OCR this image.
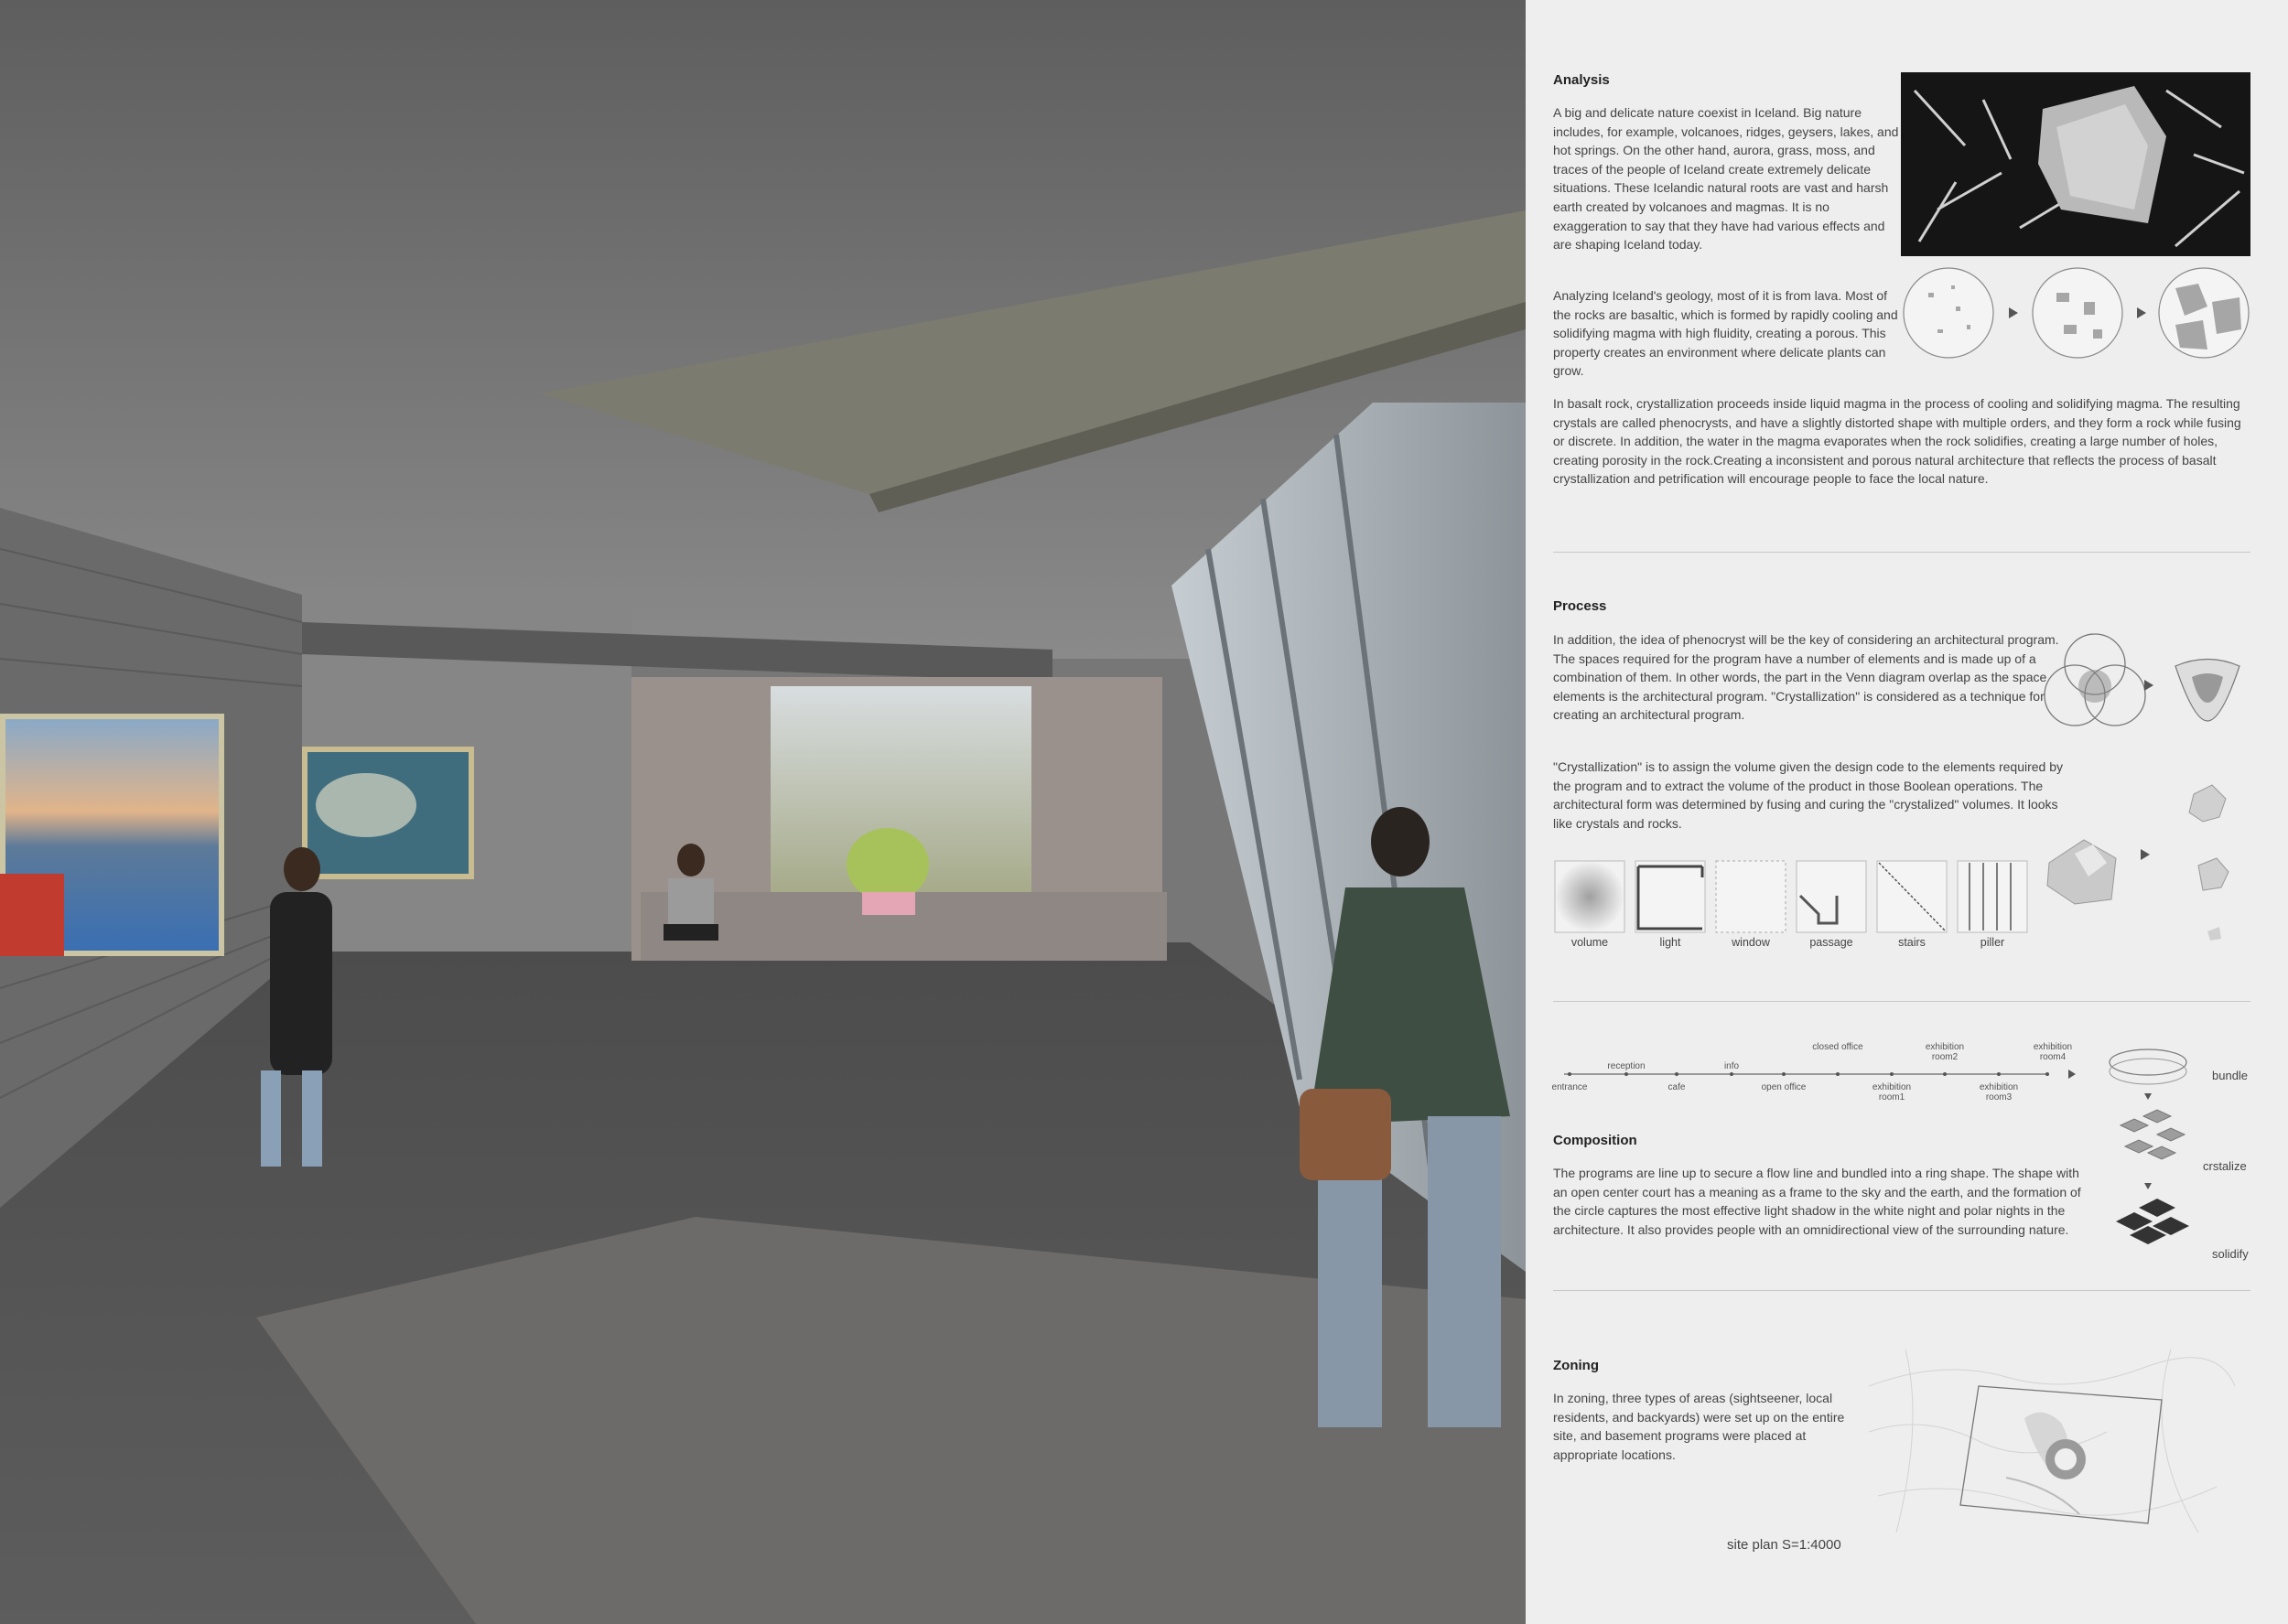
Analysis

A big and delicate nature coexist in Iceland. Big nature includes, for example, volcanoes, ridges, geysers, lakes, and hot springs. On the other hand, aurora, grass, moss, and traces of the people of Iceland create extremely delicate situations. These Icelandic natural roots are vast and harsh earth created by volcanoes and magmas. It is no exaggeration to say that they have had various effects and are shaping Iceland today.

Analyzing Iceland's geology, most of it is from lava. Most of the rocks are basaltic, which is formed by rapidly cooling and solidifying magma with high fluidity, creating a porous. This property creates an environment where delicate plants can grow.

In basalt rock, crystallization proceeds inside liquid magma in the process of cooling and solidifying magma. The resulting crystals are called phenocrysts, and have a slightly distorted shape with multiple orders, and they form a rock while fusing or discrete. In addition, the water in the magma evaporates when the rock solidifies, creating a large number of holes, creating porosity in the rock.Creating a inconsistent and porous natural architecture that reflects the process of basalt crystallization and petrification will encourage people to face the local nature.

Process

In addition, the idea of phenocryst will be the key of considering an architectural program. The spaces required for the program have a number of elements and is made up of a combination of them. In other words, the part in the Venn diagram overlap as the space elements is the architectural program. "Crystallization" is considered as a technique for creating an architectural program.

"Crystallization" is to assign the volume given the design code to the elements required by the program and to extract the volume of the product in those Boolean operations. The architectural form was determined by fusing and curing the "crystalized" volumes. It looks like crystals and rocks.

volume	light	window	passage	stairs	piller
reception	info
closed office	exhibition room2
exhibition room4
entrance	cafe	open office	exhibition room1
exhibition room3
bundle
crstalize
solidify
Composition

The programs are line up to secure a flow line and bundled into a ring shape. The shape with an open center court has a meaning as a frame to the sky and the earth, and the formation of the circle captures the most effective light shadow in the white night and polar nights in the architecture. It also provides people with an omnidirectional view of the surrounding nature.

Zoning

In zoning, three types of areas (sightseener, local residents, and backyards) were set up on the entire site, and basement programs were placed at appropriate locations.

site plan S=1:4000
